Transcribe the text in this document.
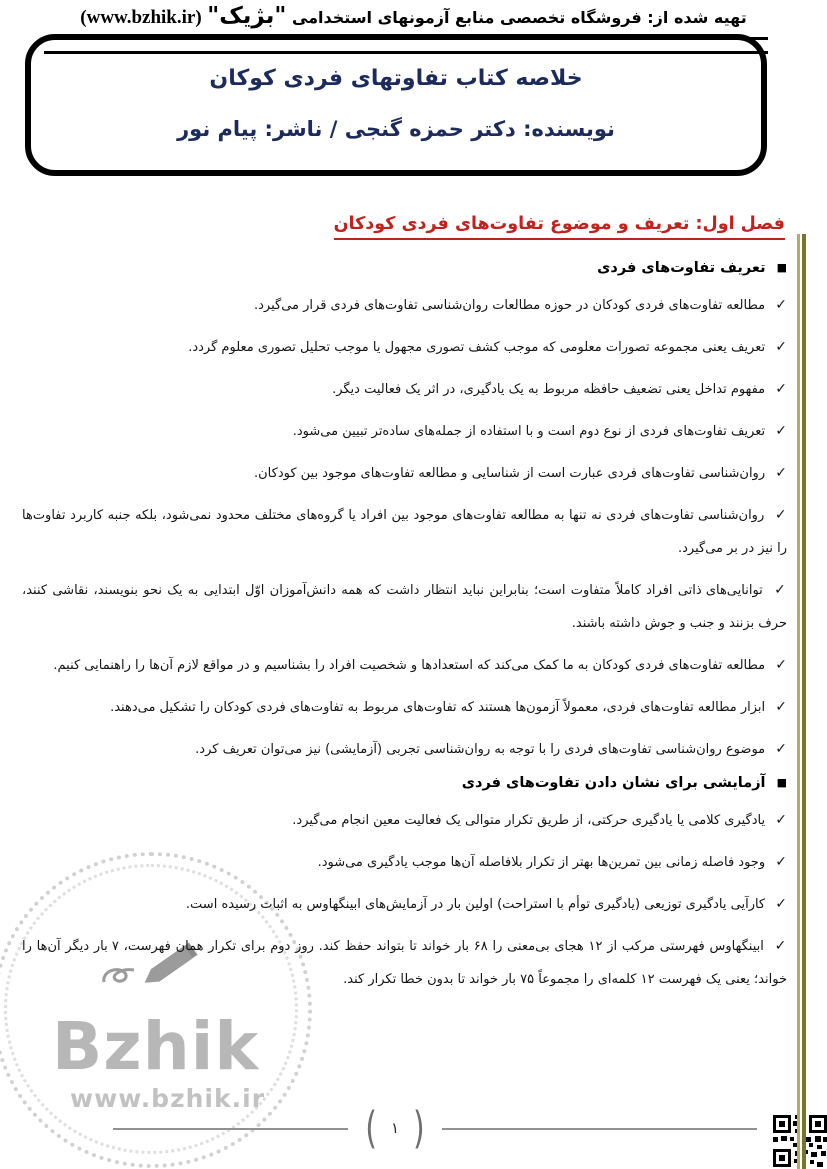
Bzhik
www.bzhik.ir
تهیه شده از: فروشگاه تخصصی منابع آزمونهای استخدامی "بژیک" (www.bzhik.ir)
خلاصه کتاب تفاوتهای فردی کوکان
نویسنده: دکتر حمزه گنجی / ناشر: پیام نور
فصل اول: تعریف و موضوع تفاوت‌های فردی کودکان
■ تعریف تفاوت‌های فردی

✓ مطالعه تفاوت‌های فردی کودکان در حوزه مطالعات روان‌شناسی تفاوت‌های فردی قرار می‌گیرد.

✓ تعریف یعنی مجموعه تصورات معلومی که موجب کشف تصوری مجهول یا موجب تحلیل تصوری معلوم گردد.

✓ مفهوم تداخل یعنی تضعیف حافظه مربوط به یک یادگیری، در اثر یک فعالیت دیگر.

✓ تعریف تفاوت‌های فردی از نوع دوم است و با استفاده از جمله‌های ساده‌تر تبیین می‌شود.

✓ روان‌شناسی تفاوت‌های فردی عبارت است از شناسایی و مطالعه تفاوت‌های موجود بین کودکان.

✓ روان‌شناسی تفاوت‌های فردی نه تنها به مطالعه تفاوت‌های موجود بین افراد یا گروه‌های مختلف محدود نمی‌شود، بلکه جنبه کاربرد تفاوت‌ها را نیز در بر می‌گیرد.

✓ توانایی‌های ذاتی افراد کاملاً متفاوت است؛ بنابراین نباید انتظار داشت که همه دانش‌آموزان اوّل ابتدایی به یک نحو بنویسند، نقاشی کنند، حرف بزنند و جنب و جوش داشته باشند.

✓ مطالعه تفاوت‌های فردی کودکان به ما کمک می‌کند که استعدادها و شخصیت افراد را بشناسیم و در مواقع لازم آن‌ها را راهنمایی کنیم.

✓ ابزار مطالعه تفاوت‌های فردی، معمولاً آزمون‌ها هستند که تفاوت‌های مربوط به تفاوت‌های فردی کودکان را تشکیل می‌دهند.

✓ موضوع روان‌شناسی تفاوت‌های فردی را با توجه به روان‌شناسی تجربی (آزمایشی) نیز می‌توان تعریف کرد.

■ آزمایشی برای نشان دادن تفاوت‌های فردی

✓ یادگیری کلامی یا یادگیری حرکتی، از طریق تکرار متوالی یک فعالیت معین انجام می‌گیرد.

✓ وجود فاصله زمانی بین تمرین‌ها بهتر از تکرار بلافاصله آن‌ها موجب یادگیری می‌شود.

✓ کارآیی یادگیری توزیعی (یادگیری توأم با استراحت) اولین بار در آزمایش‌های ابینگهاوس به اثبات رسیده است.

✓ ابینگهاوس فهرستی مرکب از ۱۲ هجای بی‌معنی را ۶۸ بار خواند تا بتواند حفظ کند. روز دوم برای تکرار همان فهرست، ۷ بار دیگر آن‌ها را خواند؛ یعنی یک فهرست ۱۲ کلمه‌ای را مجموعاً ۷۵ بار خواند تا بدون خطا تکرار کند.

( ۱ )
